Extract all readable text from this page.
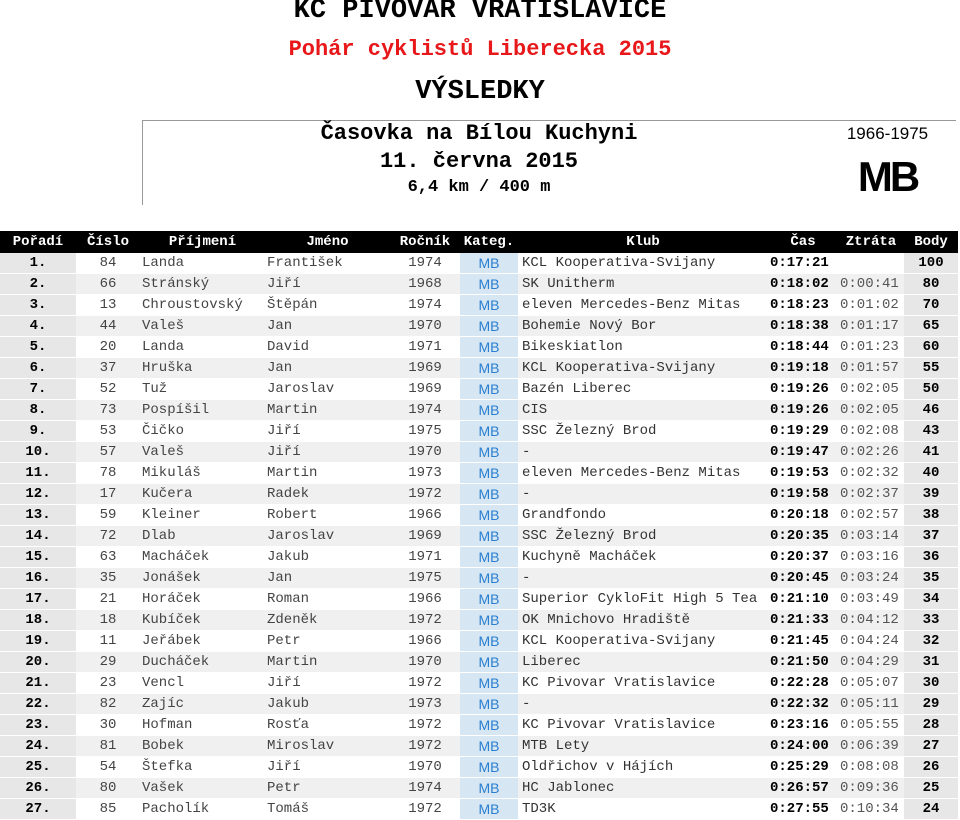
KC PIVOVAR VRATISLAVICE
Pohár cyklistů Liberecka 2015
VÝSLEDKY
Časovka na Bílou Kuchyni
11. června 2015
6,4 km / 400 m
1966-1975
MB
Pořadí	Číslo	Příjmení	Jméno	Ročník	Kateg.	Klub	Čas	Ztráta	Body
1.	84	Landa	František	1974	MB	KCL Kooperativa-Svijany	0:17:21		100
2.	66	Stránský	Jiří	1968	MB	SK Unitherm	0:18:02	0:00:41	80
3.	13	Chroustovský	Štěpán	1974	MB	eleven Mercedes-Benz Mitas	0:18:23	0:01:02	70
4.	44	Valeš	Jan	1970	MB	Bohemie Nový Bor	0:18:38	0:01:17	65
5.	20	Landa	David	1971	MB	Bikeskiatlon	0:18:44	0:01:23	60
6.	37	Hruška	Jan	1969	MB	KCL Kooperativa-Svijany	0:19:18	0:01:57	55
7.	52	Tuž	Jaroslav	1969	MB	Bazén Liberec	0:19:26	0:02:05	50
8.	73	Pospíšil	Martin	1974	MB	CIS	0:19:26	0:02:05	46
9.	53	Čičko	Jiří	1975	MB	SSC Železný Brod	0:19:29	0:02:08	43
10.	57	Valeš	Jiří	1970	MB	-	0:19:47	0:02:26	41
11.	78	Mikuláš	Martin	1973	MB	eleven Mercedes-Benz Mitas	0:19:53	0:02:32	40
12.	17	Kučera	Radek	1972	MB	-	0:19:58	0:02:37	39
13.	59	Kleiner	Robert	1966	MB	Grandfondo	0:20:18	0:02:57	38
14.	72	Dlab	Jaroslav	1969	MB	SSC Železný Brod	0:20:35	0:03:14	37
15.	63	Macháček	Jakub	1971	MB	Kuchyně Macháček	0:20:37	0:03:16	36
16.	35	Jonášek	Jan	1975	MB	-	0:20:45	0:03:24	35
17.	21	Horáček	Roman	1966	MB	Superior CykloFit High 5 Tea	0:21:10	0:03:49	34
18.	18	Kubíček	Zdeněk	1972	MB	OK Mnichovo Hradiště	0:21:33	0:04:12	33
19.	11	Jeřábek	Petr	1966	MB	KCL Kooperativa-Svijany	0:21:45	0:04:24	32
20.	29	Ducháček	Martin	1970	MB	Liberec	0:21:50	0:04:29	31
21.	23	Vencl	Jiří	1972	MB	KC Pivovar Vratislavice	0:22:28	0:05:07	30
22.	82	Zajíc	Jakub	1973	MB	-	0:22:32	0:05:11	29
23.	30	Hofman	Rosťa	1972	MB	KC Pivovar Vratislavice	0:23:16	0:05:55	28
24.	81	Bobek	Miroslav	1972	MB	MTB Lety	0:24:00	0:06:39	27
25.	54	Štefka	Jiří	1970	MB	Oldřichov v Hájích	0:25:29	0:08:08	26
26.	80	Vašek	Petr	1974	MB	HC Jablonec	0:26:57	0:09:36	25
27.	85	Pacholík	Tomáš	1972	MB	TD3K	0:27:55	0:10:34	24
